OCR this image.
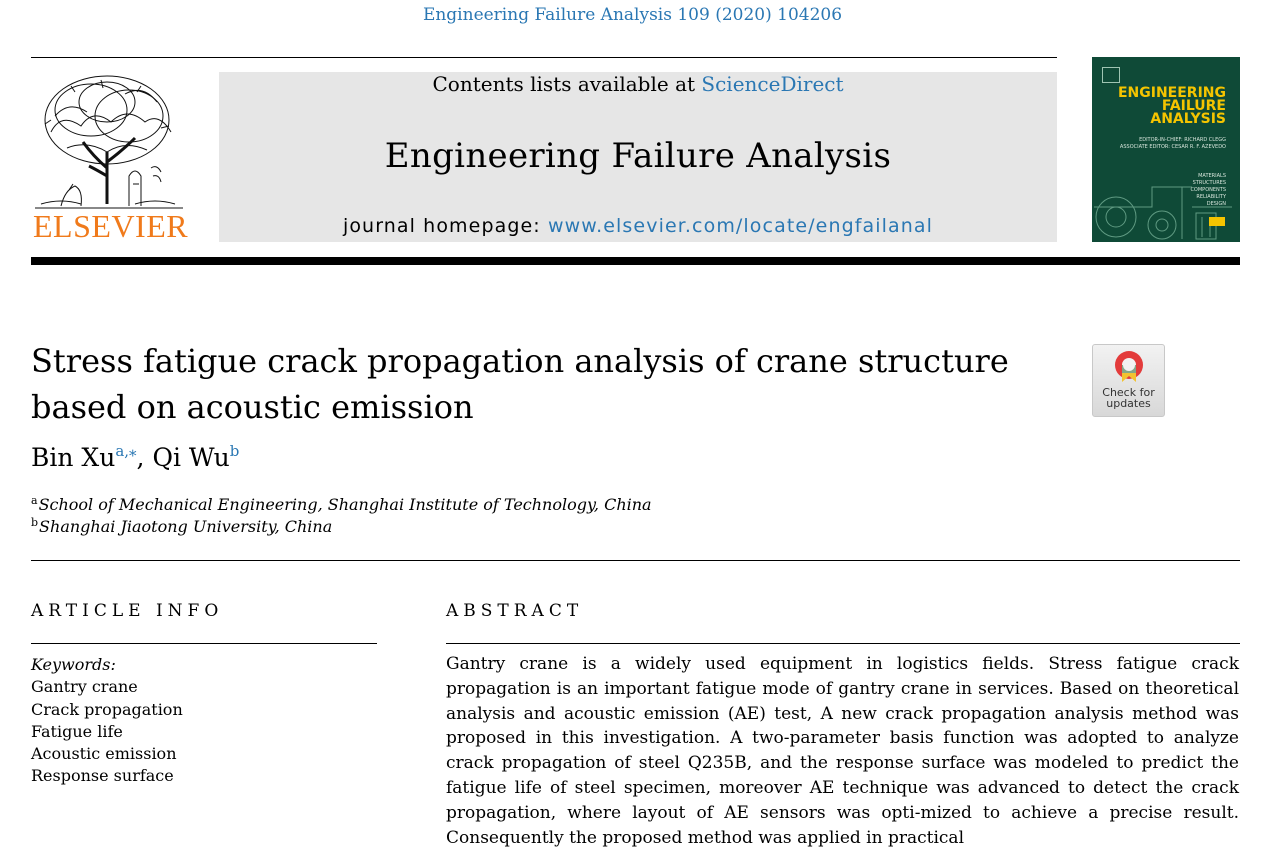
Engineering Failure Analysis 109 (2020) 104206
ELSEVIER
Contents lists available at ScienceDirect
Engineering Failure Analysis
journal homepage: www.elsevier.com/locate/engfailanal
ENGINEERING
FAILURE
ANALYSIS
EDITOR-IN-CHIEF: RICHARD CLEGG
ASSOCIATE EDITOR: CESAR R. F. AZEVEDO
MATERIALS
STRUCTURES
COMPONENTS
RELIABILITY
DESIGN
Stress fatigue crack propagation analysis of crane structure based on acoustic emission	Check for updates
Bin $Xu^{a,⁎}$, Qi Wu$^b$
$^a$School of Mechanical Engineering, Shanghai Institute of Technology, China
$^b$Shanghai Jiaotong University, China
ARTICLE INFO	ABSTRACT
Keywords:
Gantry crane
Crack propagation
Fatigue life
Acoustic emission
Response surface
Gantry crane is a widely used equipment in logistics fields. Stress fatigue crack propagation is an important fatigue mode of gantry crane in services. Based on theoretical analysis and acoustic emission (AE) test, A new crack propagation analysis method was proposed in this investigation. A two-parameter basis function was adopted to analyze crack propagation of steel Q235B, and the response surface was modeled to predict the fatigue life of steel specimen, moreover AE technique was advanced to detect the crack propagation, where layout of AE sensors was opti-mized to achieve a precise result. Consequently the proposed method was applied in practical
